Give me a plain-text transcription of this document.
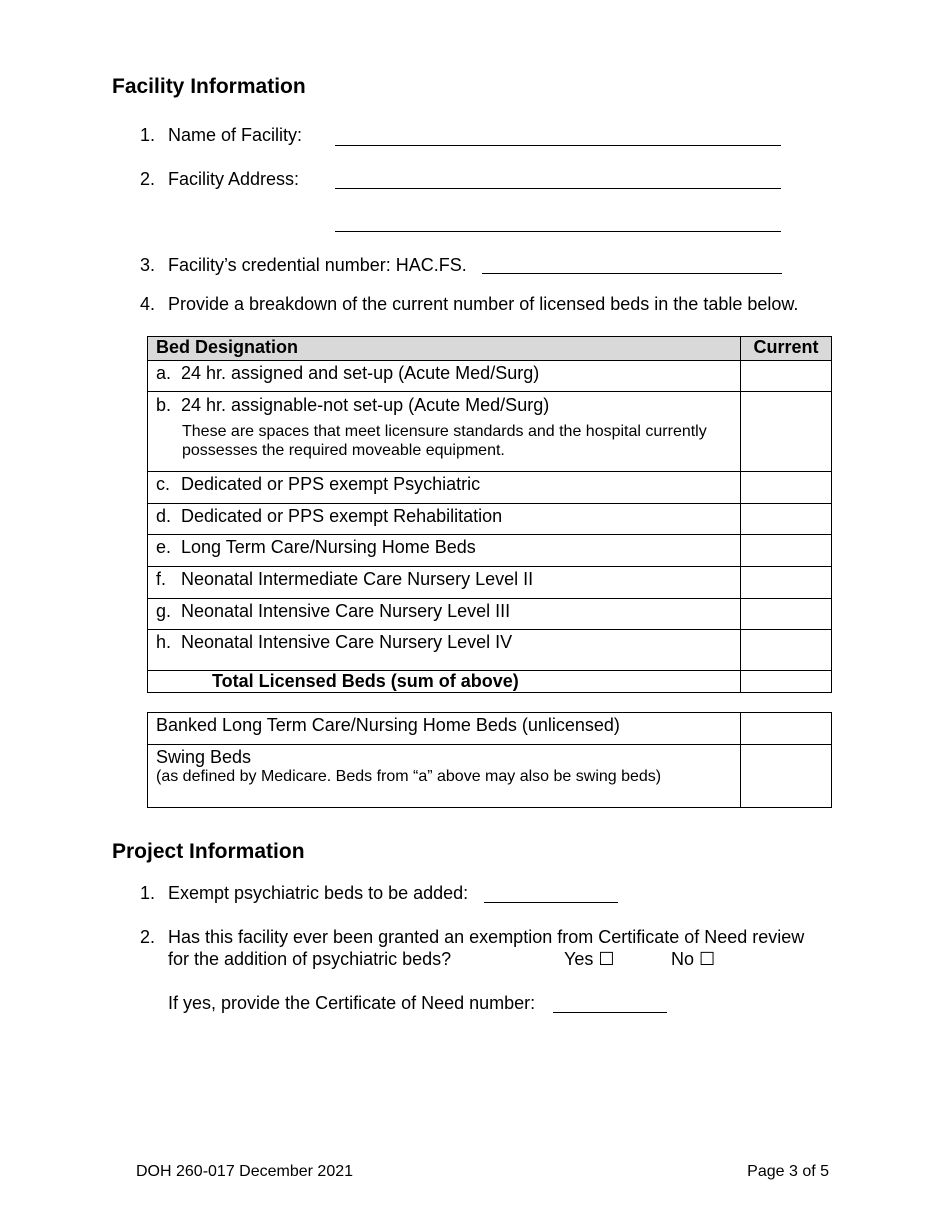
Facility Information
1. Name of Facility:
2. Facility Address:
3. Facility’s credential number: HAC.FS.
4. Provide a breakdown of the current number of licensed beds in the table below.
Bed Designation	Current

a. 24 hr. assigned and set-up (Acute Med/Surg)	

b. 24 hr. assignable-not set-up (Acute Med/Surg)
These are spaces that meet licensure standards and the hospital currently possesses the required moveable equipment.	

c. Dedicated or PPS exempt Psychiatric	

d. Dedicated or PPS exempt Rehabilitation	

e. Long Term Care/Nursing Home Beds	

f. Neonatal Intermediate Care Nursery Level II	

g. Neonatal Intensive Care Nursery Level III	

h. Neonatal Intensive Care Nursery Level IV	

Total Licensed Beds (sum of above)	

Banked Long Term Care/Nursing Home Beds (unlicensed)	

Swing Beds
(as defined by Medicare. Beds from “a” above may also be swing beds)	

Project Information
1. Exempt psychiatric beds to be added:
2. Has this facility ever been granted an exemption from Certificate of Need review
for the addition of psychiatric beds?	Yes ☐	No ☐
If yes, provide the Certificate of Need number:
DOH 260-017 December 2021	Page 3 of 5
